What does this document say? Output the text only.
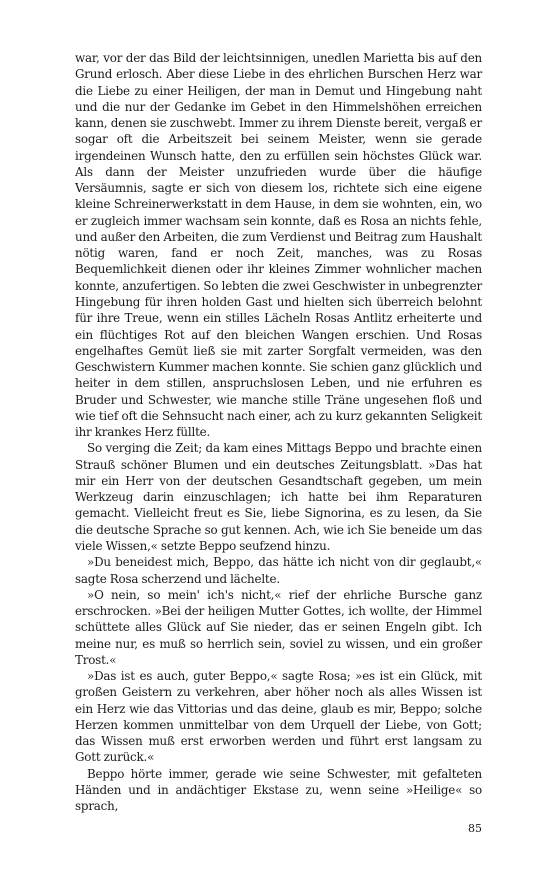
war, vor der das Bild der leichtsinnigen, unedlen Marietta bis auf den Grund erlosch. Aber diese Liebe in des ehrlichen Burschen Herz war die Liebe zu einer Heiligen, der man in Demut und Hingebung naht und die nur der Gedanke im Gebet in den Himmelshöhen erreichen kann, denen sie zuschwebt. Immer zu ihrem Dienste bereit, vergaß er sogar oft die Arbeitszeit bei seinem Meister, wenn sie gerade irgendeinen Wunsch hatte, den zu erfüllen sein höchstes Glück war. Als dann der Meister unzufrieden wurde über die häufige Versäumnis, sagte er sich von diesem los, richtete sich eine eigene kleine Schreinerwerkstatt in dem Hause, in dem sie wohnten, ein, wo er zugleich immer wachsam sein konnte, daß es Rosa an nichts fehle, und außer den Arbeiten, die zum Verdienst und Beitrag zum Haushalt nötig waren, fand er noch Zeit, manches, was zu Rosas Bequemlichkeit dienen oder ihr kleines Zimmer wohnlicher machen konnte, anzufertigen. So lebten die zwei Geschwister in unbegrenzter Hingebung für ihren holden Gast und hielten sich überreich belohnt für ihre Treue, wenn ein stilles Lächeln Rosas Antlitz erheiterte und ein flüchtiges Rot auf den bleichen Wangen erschien. Und Rosas engelhaftes Gemüt ließ sie mit zarter Sorgfalt vermeiden, was den Geschwistern Kummer machen konnte. Sie schien ganz glücklich und heiter in dem stillen, anspruchslosen Leben, und nie erfuhren es Bruder und Schwester, wie manche stille Träne ungesehen floß und wie tief oft die Sehnsucht nach einer, ach zu kurz gekannten Seligkeit ihr krankes Herz füllte.

So verging die Zeit; da kam eines Mittags Beppo und brachte einen Strauß schöner Blumen und ein deutsches Zeitungsblatt. »Das hat mir ein Herr von der deutschen Gesandtschaft gegeben, um mein Werkzeug darin einzuschlagen; ich hatte bei ihm Reparaturen gemacht. Vielleicht freut es Sie, liebe Signorina, es zu lesen, da Sie die deutsche Sprache so gut kennen. Ach, wie ich Sie beneide um das viele Wissen,« setzte Beppo seufzend hinzu.

»Du beneidest mich, Beppo, das hätte ich nicht von dir geglaubt,« sagte Rosa scherzend und lächelte.

»O nein, so mein' ich's nicht,« rief der ehrliche Bursche ganz erschrocken. »Bei der heiligen Mutter Gottes, ich wollte, der Himmel schüttete alles Glück auf Sie nieder, das er seinen Engeln gibt. Ich meine nur, es muß so herrlich sein, soviel zu wissen, und ein großer Trost.«

»Das ist es auch, guter Beppo,« sagte Rosa; »es ist ein Glück, mit großen Geistern zu verkehren, aber höher noch als alles Wissen ist ein Herz wie das Vittorias und das deine, glaub es mir, Beppo; solche Herzen kommen unmittelbar von dem Urquell der Liebe, von Gott; das Wissen muß erst erworben werden und führt erst langsam zu Gott zurück.«

Beppo hörte immer, gerade wie seine Schwester, mit gefalteten Händen und in andächtiger Ekstase zu, wenn seine »Heilige« so sprach,

85
